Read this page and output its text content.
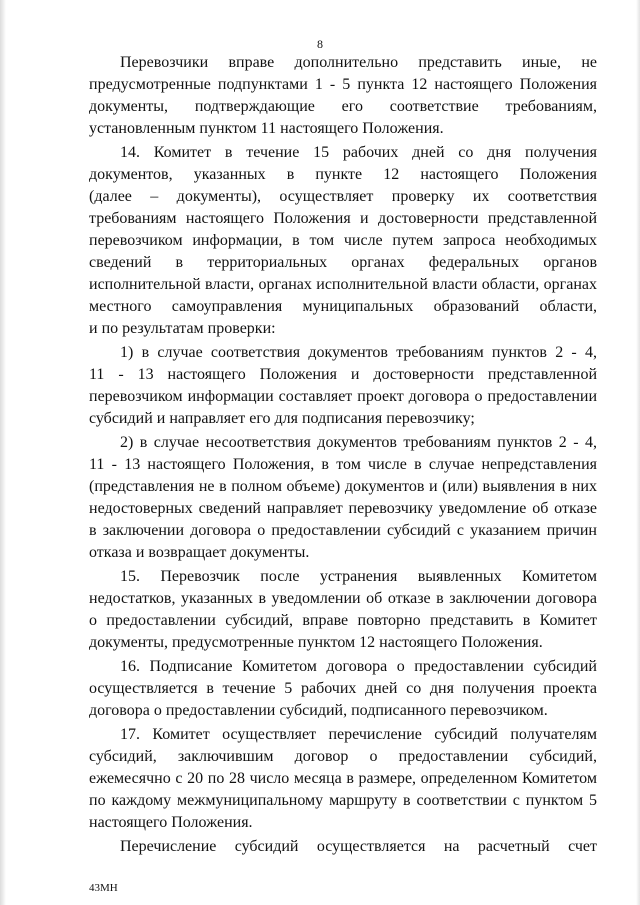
8
Перевозчики вправе дополнительно представить иные, не
предусмотренные подпунктами 1 - 5 пункта 12 настоящего Положения
документы, подтверждающие его соответствие требованиям,
установленным пунктом 11 настоящего Положения.
14. Комитет в течение 15 рабочих дней со дня получения
документов, указанных в пункте 12 настоящего Положения
(далее – документы), осуществляет проверку их соответствия
требованиям настоящего Положения и достоверности представленной
перевозчиком информации, в том числе путем запроса необходимых
сведений в территориальных органах федеральных органов
исполнительной власти, органах исполнительной власти области, органах
местного самоуправления муниципальных образований области,
и по результатам проверки:
1) в случае соответствия документов требованиям пунктов 2 - 4,
11 - 13 настоящего Положения и достоверности представленной
перевозчиком информации составляет проект договора о предоставлении
субсидий и направляет его для подписания перевозчику;
2) в случае несоответствия документов требованиям пунктов 2 - 4,
11 - 13 настоящего Положения, в том числе в случае непредставления
(представления не в полном объеме) документов и (или) выявления в них
недостоверных сведений направляет перевозчику уведомление об отказе
в заключении договора о предоставлении субсидий с указанием причин
отказа и возвращает документы.
15. Перевозчик после устранения выявленных Комитетом
недостатков, указанных в уведомлении об отказе в заключении договора
о предоставлении субсидий, вправе повторно представить в Комитет
документы, предусмотренные пунктом 12 настоящего Положения.
16. Подписание Комитетом договора о предоставлении субсидий
осуществляется в течение 5 рабочих дней со дня получения проекта
договора о предоставлении субсидий, подписанного перевозчиком.
17. Комитет осуществляет перечисление субсидий получателям
субсидий, заключившим договор о предоставлении субсидий,
ежемесячно с 20 по 28 число месяца в размере, определенном Комитетом
по каждому межмуниципальному маршруту в соответствии с пунктом 5
настоящего Положения.
Перечисление субсидий осуществляется на расчетный счет
43МН
